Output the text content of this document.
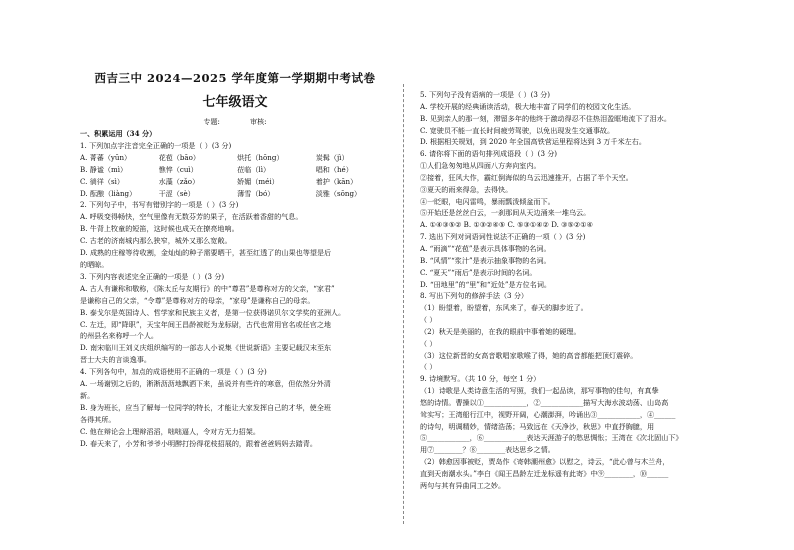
西吉三中 2024—2025 学年度第一学期期中考试卷
七年级语文
专题:	审核:
一、积累运用（34 分）
1. 下列加点字注音完全正确的一项是（ ）(3 分)
A. 菁蕃（yūn）	花苞（bāo）	烘托（hōng）	炭髯（jì）
B. 静谧（mì）	憔悴（cuì）	莅临（lì）	唱和（hé）
C. 徜徉（sì）	水藻（zǎo）	娇媚（méi）	着护（kān）
D. 酝酿（liàng）	干涩（sè）	薄雪（bó）	淡雅（sōng）
2. 下列句子中，书写有错别字的一项是（ ）(3 分)
A. 呼吸变得畅快，空气里像有无数芬芳的果子，在活跃着香甜的气息。
B. 牛背上牧童的短笛，这时候也成天在撩亮地响。
C. 古老的济南城内那么狭窄，城外又那么宽敞。
D. 成熟的庄稼等待收割，金灿灿的种子需要晒干，甚至红透了的山果也等望是后
的晒晾。
3. 下列内容表述完全正确的一项是（ ）(3 分)
A. 古人有谦称和敬称，《陈太丘与友期行》的中“尊君”是尊称对方的父亲，“家君”
是谦称自己的父亲，“令尊”是尊称对方的母亲，“家母”是谦称自己的母亲。
B. 泰戈尔是英国诗人、哲学家和民族主义者，是第一位获得诺贝尔文学奖的亚洲人。
C. 左迁，即“降职”，天宝年间王昌龄被贬为龙标尉，古代也常用官名或任官之地
的州县名来称呼一个人。
D. 南宋临川王刘义庆组织编写的一部志人小说集《世说新语》主要记载汉末至东
晋士大夫的言谈逸事。
4. 下列各句中，加点的成语使用不正确的一项是（ ）(3 分)
A. 一场谢别之后的，淅淅沥沥地飘洒下来，虽说并有些许的寒意，但依然分外清
新。
B. 身为班长，应当了解每一位同学的特长，才能让大家发挥自己的才华，使全班
各得其所。
C. 他在辩论会上理辩滔滔，咄咄逼人，令对方无力招架。
D. 春天来了，小芳和爷爷小明醉打扮得花枝招展的，跟着爸爸妈妈去踏青。
5. 下列句子没有语病的一项是（ ）(3 分)
A. 学校开展的经典诵读活动，极大地丰富了同学们的校园文化生活。
B. 见到亲人的那一刻，滞留多年的他终于激动得忍不住热泪盈眶地流下了泪水。
C. 宽驶员不能一直长时间疲劳驾驶，以免出现发生交通事故。
D. 根据相关规划，到 2020 年全国高铁营运里程将达到 3 万千米左右。
6. 请你将下面的语句排列成语段（ ）(3 分)
①人们急匆匆地从四面八方奔向室内。
②接着，狂风大作，霸红倒海似的乌云迅速推开，占据了半个天空。
③夏天的雨来得急，去得快。
④一眨眼，电闪雷鸣，暴雨瓢泼倾盆而下。
⑤开始还是丝丝白云，一刹那间从天边涌来一堆乌云。
A. ①④③⑤② B. ①③②④⑤ C. ⑤③①④② D. ③⑤②①④
7. 选出下列对词语词性说法不正确的一项（ ）(3 分)
A. “雨滴”“花苞”是表示具体事物的名词。
B. “风情”“浆汁”是表示抽象事物的名词。
C. “夏天”“雨后”是表示时间的名词。
D. “田地里”的“里”和“近处”是方位名词。
8. 写出下列句的修辞手法（3 分）
（1）盼望着，盼望着，东风来了，春天的脚步近了。
（ ）
（2）秋天是美丽的，在我的眼前中事着她的硬理。
（ ）
（3）这位新晋的女高音歌唱家歌喉了得，她的高音都能把顶灯震碎。
（ ）
9. 诗境默写。（共 10 分，每空 1 分）
（1）诗歌是人类诗意生活的写照，我们一起品读，那写事物的佳句，有真挚
悠的诗情。曹操以①____________，②____________描写大海水波动荡、山岛高
耸实写；王湾船行江中，视野开阔，心潮澎湃，吟诵出③____________，④______
的诗句，明调精妙，情绪浩荡；马致远在《天净沙，秋思》中直抒胸臆，用
⑤____________，⑥____________表达天涯游子的愁思惆怅；王湾在《次北固山下》
用⑦________？⑧________表达思乡之情。
（2）韩愈因事被贬，贾岛作《寄韩潮州愈》以慰之，诗云，“此心曾与木兰舟，
直到天南潮水头。”李白《闻王昌龄左迁龙标遥有此寄》中⑨________，⑩______
两句与其有异曲同工之妙。
